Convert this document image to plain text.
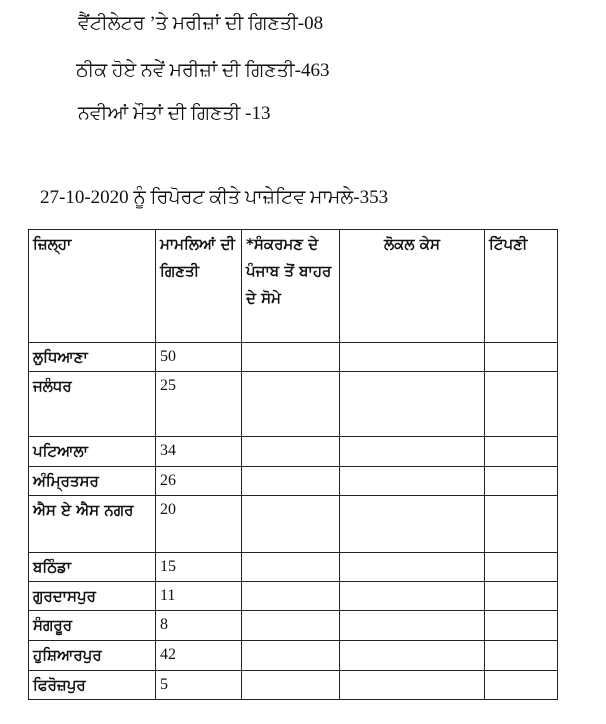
ਵੈਂਟੀਲੇਟਰ ’ਤੇ ਮਰੀਜ਼ਾਂ ਦੀ ਗਿਣਤੀ-08
ਠੀਕ ਹੋਏ ਨਵੇਂ ਮਰੀਜ਼ਾਂ ਦੀ ਗਿਣਤੀ-463
ਨਵੀਆਂ ਮੌਤਾਂ ਦੀ ਗਿਣਤੀ -13
27-10-2020 ਨੂੰ ਰਿਪੋਰਟ ਕੀਤੇ ਪਾਜ਼ੇਟਿਵ ਮਾਮਲੇ-353
ਜ਼ਿਲ੍ਹਾ	ਮਾਮਲਿਆਂ ਦੀ ਗਿਣਤੀ	*ਸੰਕਰਮਣ ਦੇ ਪੰਜਾਬ ਤੋਂ ਬਾਹਰ ਦੇ ਸੋਮੇ	ਲੋਕਲ ਕੇਸ	ਟਿੱਪਣੀ
ਲੁਧਿਆਣਾ	50			
ਜਲੰਧਰ	25			
ਪਟਿਆਲਾ	34			
ਅੰਮ੍ਰਿਤਸਰ	26			
ਐਸ ਏ ਐਸ ਨਗਰ	20			
ਬਠਿੰਡਾ	15			
ਗੁਰਦਾਸਪੁਰ	11			
ਸੰਗਰੂਰ	8			
ਹੁਸ਼ਿਆਰਪੁਰ	42			
ਫਿਰੋਜ਼ਪੁਰ	5			
